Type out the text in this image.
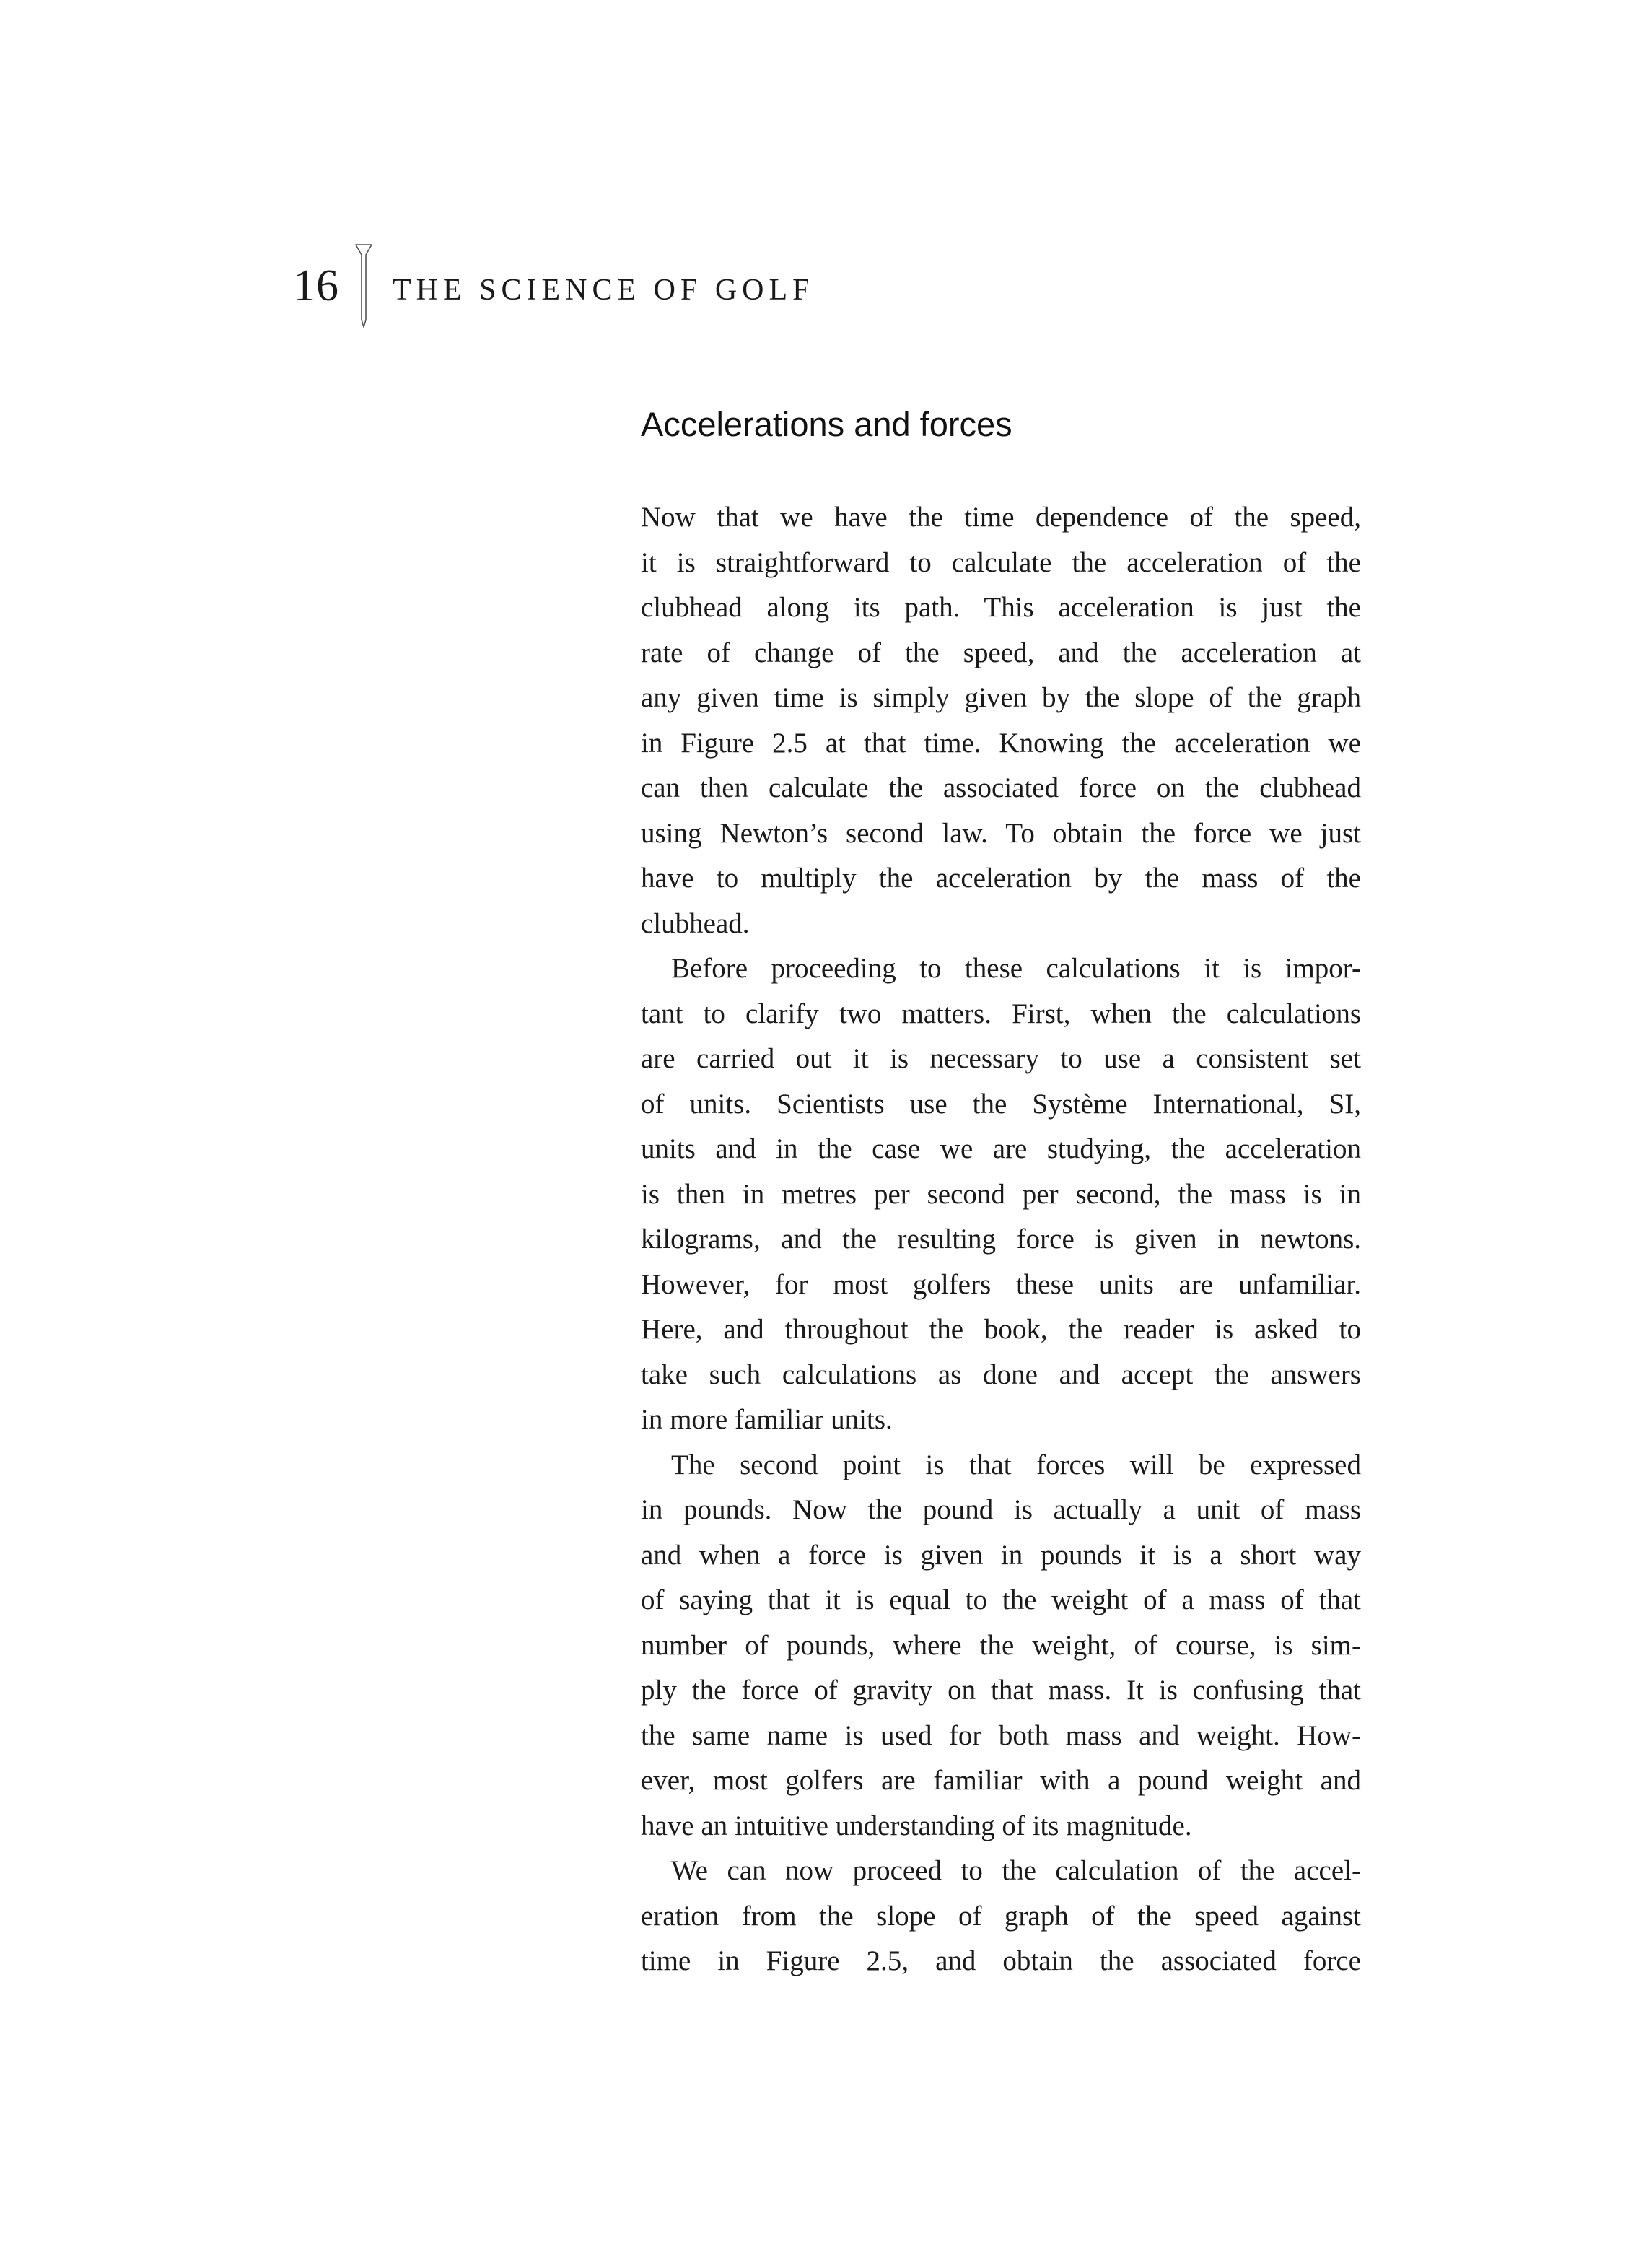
16 THE SCIENCE OF GOLF
Accelerations and forces
Now that we have the time dependence of the speed,
it is straightforward to calculate the acceleration of the
clubhead along its path. This acceleration is just the
rate of change of the speed, and the acceleration at
any given time is simply given by the slope of the graph
in Figure 2.5 at that time. Knowing the acceleration we
can then calculate the associated force on the clubhead
using Newton’s second law. To obtain the force we just
have to multiply the acceleration by the mass of the
clubhead.
Before proceeding to these calculations it is impor-
tant to clarify two matters. First, when the calculations
are carried out it is necessary to use a consistent set
of units. Scientists use the Système International, SI,
units and in the case we are studying, the acceleration
is then in metres per second per second, the mass is in
kilograms, and the resulting force is given in newtons.
However, for most golfers these units are unfamiliar.
Here, and throughout the book, the reader is asked to
take such calculations as done and accept the answers
in more familiar units.
The second point is that forces will be expressed
in pounds. Now the pound is actually a unit of mass
and when a force is given in pounds it is a short way
of saying that it is equal to the weight of a mass of that
number of pounds, where the weight, of course, is sim-
ply the force of gravity on that mass. It is confusing that
the same name is used for both mass and weight. How-
ever, most golfers are familiar with a pound weight and
have an intuitive understanding of its magnitude.
We can now proceed to the calculation of the accel-
eration from the slope of graph of the speed against
time in Figure 2.5, and obtain the associated force
